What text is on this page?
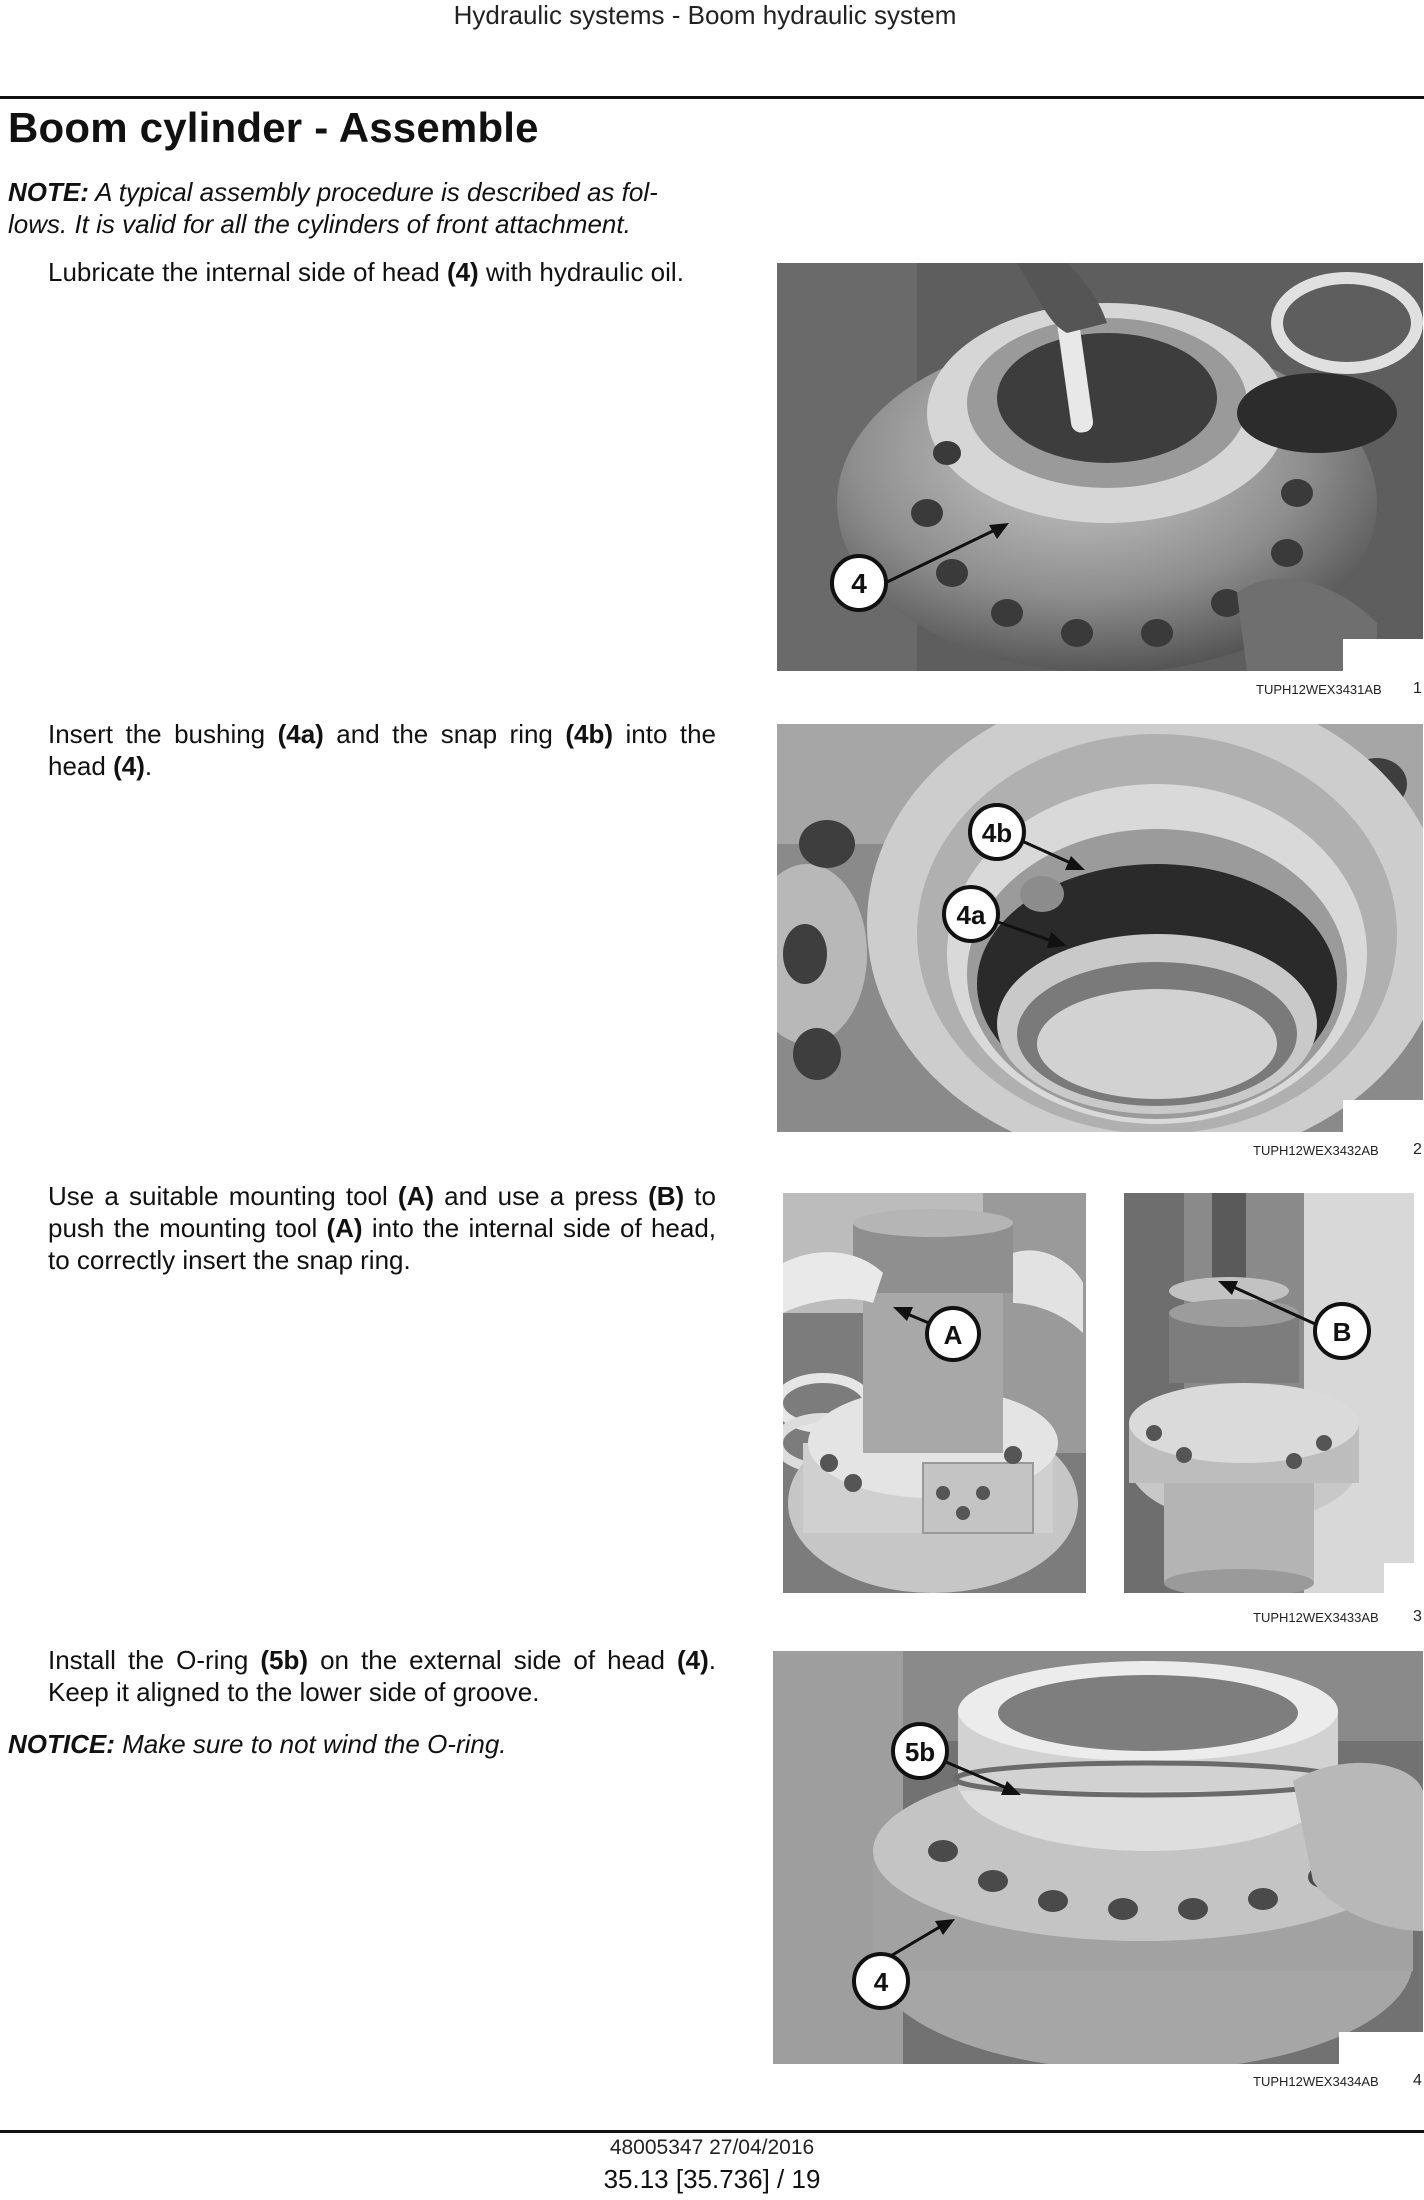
Hydraulic systems - Boom hydraulic system
Boom cylinder - Assemble
NOTE: A typical assembly procedure is described as fol-
lows. It is valid for all the cylinders of front attachment.
Lubricate the internal side of head (4) with hydraulic oil.
4
TUPH12WEX3431AB 1
Insert the bushing (4a) and the snap ring (4b) into the head (4).
4b
4a
TUPH12WEX3432AB 2
Use a suitable mounting tool (A) and use a press (B) to push the mounting tool (A) into the internal side of head, to correctly insert the snap ring.
A	B
TUPH12WEX3433AB 3
Install the O-ring (5b) on the external side of head (4). Keep it aligned to the lower side of groove.
NOTICE: Make sure to not wind the O-ring.	5b
4
TUPH12WEX3434AB 4
48005347 27/04/2016
35.13 [35.736] / 19
